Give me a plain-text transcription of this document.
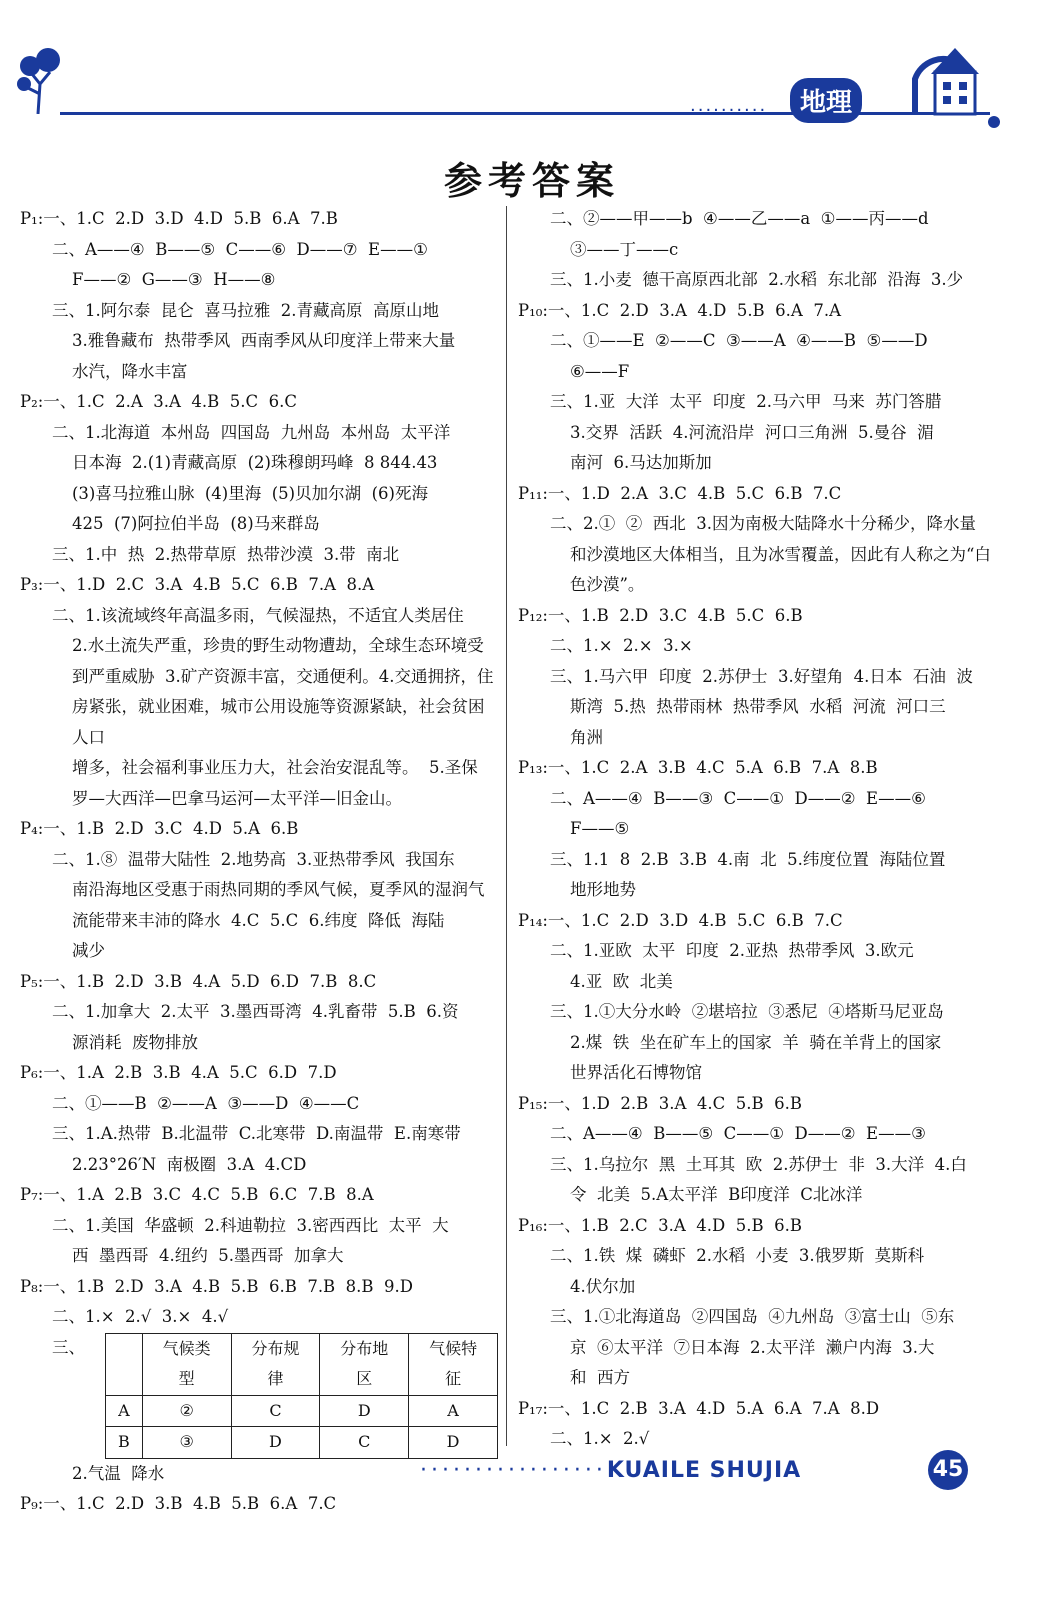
··········	地理
参考答案

P₁:一、1.C  2.D  3.D  4.D  5.B  6.A  7.B

二、A——④  B——⑤  C——⑥  D——⑦  E——①

F——②  G——③  H——⑧

三、1.阿尔泰  昆仑  喜马拉雅  2.青藏高原  高原山地

3.雅鲁藏布  热带季风  西南季风从印度洋上带来大量

水汽，降水丰富

P₂:一、1.C  2.A  3.A  4.B  5.C  6.C

二、1.北海道  本州岛  四国岛  九州岛  本州岛  太平洋

日本海  2.(1)青藏高原  (2)珠穆朗玛峰  8 844.43

(3)喜马拉雅山脉  (4)里海  (5)贝加尔湖  (6)死海

425  (7)阿拉伯半岛  (8)马来群岛

三、1.中  热  2.热带草原  热带沙漠  3.带  南北

P₃:一、1.D  2.C  3.A  4.B  5.C  6.B  7.A  8.A

二、1.该流域终年高温多雨，气候湿热，不适宜人类居住

2.水土流失严重，珍贵的野生动物遭劫，全球生态环境受

到严重威胁  3.矿产资源丰富，交通便利。4.交通拥挤，住

房紧张，就业困难，城市公用设施等资源紧缺，社会贫困人口

增多，社会福利事业压力大，社会治安混乱等。  5.圣保

罗—大西洋—巴拿马运河—太平洋—旧金山。

P₄:一、1.B  2.D  3.C  4.D  5.A  6.B

二、1.⑧  温带大陆性  2.地势高  3.亚热带季风  我国东

南沿海地区受惠于雨热同期的季风气候，夏季风的湿润气

流能带来丰沛的降水  4.C  5.C  6.纬度  降低  海陆

减少

P₅:一、1.B  2.D  3.B  4.A  5.D  6.D  7.B  8.C

二、1.加拿大  2.太平  3.墨西哥湾  4.乳畜带  5.B  6.资

源消耗  废物排放

P₆:一、1.A  2.B  3.B  4.A  5.C  6.D  7.D

二、①——B  ②——A  ③——D  ④——C

三、1.A.热带  B.北温带  C.北寒带  D.南温带  E.南寒带

2.23°26′N  南极圈  3.A  4.CD

P₇:一、1.A  2.B  3.C  4.C  5.B  6.C  7.B  8.A

二、1.美国  华盛顿  2.科迪勒拉  3.密西西比  太平  大

西  墨西哥  4.纽约  5.墨西哥  加拿大

P₈:一、1.B  2.D  3.A  4.B  5.B  6.B  7.B  8.B  9.D

二、1.×  2.√  3.×  4.√

三、
		气候类型	分布规律	分布地区	气候特征
A	②	C	D	A
B	③	D	C	D

2.气温  降水

P₉:一、1.C  2.D  3.B  4.B  5.B  6.A  7.C

二、②——甲——b  ④——乙——a  ①——丙——d

③——丁——c

三、1.小麦  德干高原西北部  2.水稻  东北部  沿海  3.少

P₁₀:一、1.C  2.D  3.A  4.D  5.B  6.A  7.A

二、①——E  ②——C  ③——A  ④——B  ⑤——D

⑥——F

三、1.亚  大洋  太平  印度  2.马六甲  马来  苏门答腊

3.交界  活跃  4.河流沿岸  河口三角洲  5.曼谷  湄

南河  6.马达加斯加

P₁₁:一、1.D  2.A  3.C  4.B  5.C  6.B  7.C

二、2.①  ②  西北  3.因为南极大陆降水十分稀少，降水量

和沙漠地区大体相当，且为冰雪覆盖，因此有人称之为“白

色沙漠”。

P₁₂:一、1.B  2.D  3.C  4.B  5.C  6.B

二、1.×  2.×  3.×

三、1.马六甲  印度  2.苏伊士  3.好望角  4.日本  石油  波

斯湾  5.热  热带雨林  热带季风  水稻  河流  河口三

角洲

P₁₃:一、1.C  2.A  3.B  4.C  5.A  6.B  7.A  8.B

二、A——④  B——③  C——①  D——②  E——⑥

F——⑤

三、1.1  8  2.B  3.B  4.南  北  5.纬度位置  海陆位置

地形地势

P₁₄:一、1.C  2.D  3.D  4.B  5.C  6.B  7.C

二、1.亚欧  太平  印度  2.亚热  热带季风  3.欧元

4.亚  欧  北美

三、1.①大分水岭  ②堪培拉  ③悉尼  ④塔斯马尼亚岛

2.煤  铁  坐在矿车上的国家  羊  骑在羊背上的国家

世界活化石博物馆

P₁₅:一、1.D  2.B  3.A  4.C  5.B  6.B

二、A——④  B——⑤  C——①  D——②  E——③

三、1.乌拉尔  黑  土耳其  欧  2.苏伊士  非  3.大洋  4.白

令  北美  5.A太平洋  B印度洋  C北冰洋

P₁₆:一、1.B  2.C  3.A  4.D  5.B  6.B

二、1.铁  煤  磷虾  2.水稻  小麦  3.俄罗斯  莫斯科

4.伏尔加

三、1.①北海道岛  ②四国岛  ④九州岛  ③富士山  ⑤东

京  ⑥太平洋  ⑦日本海  2.太平洋  濑户内海  3.大

和  西方

P₁₇:一、1.C  2.B  3.A  4.D  5.A  6.A  7.A  8.D

二、1.×  2.√

·················KUAILE SHUJIA	45
